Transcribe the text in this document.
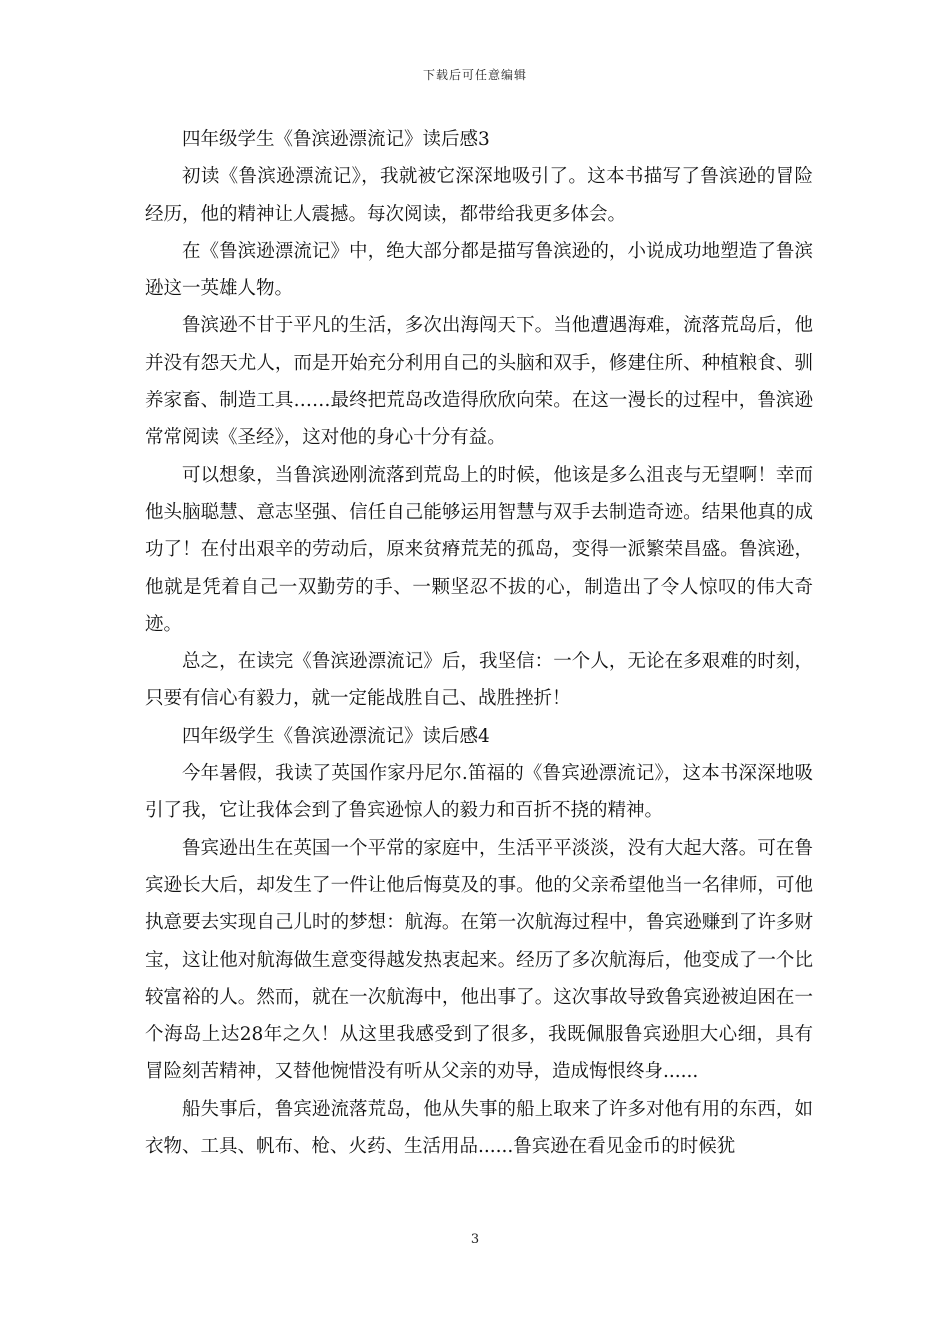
下载后可任意编辑

四年级学生《鲁滨逊漂流记》读后感3

初读《鲁滨逊漂流记》，我就被它深深地吸引了。这本书描写了鲁滨逊的冒险经历，他的精神让人震撼。每次阅读，都带给我更多体会。

在《鲁滨逊漂流记》中，绝大部分都是描写鲁滨逊的，小说成功地塑造了鲁滨逊这一英雄人物。

鲁滨逊不甘于平凡的生活，多次出海闯天下。当他遭遇海难，流落荒岛后，他并没有怨天尤人，而是开始充分利用自己的头脑和双手，修建住所、种植粮食、驯养家畜、制造工具……最终把荒岛改造得欣欣向荣。在这一漫长的过程中，鲁滨逊常常阅读《圣经》，这对他的身心十分有益。

可以想象，当鲁滨逊刚流落到荒岛上的时候，他该是多么沮丧与无望啊！幸而他头脑聪慧、意志坚强、信任自己能够运用智慧与双手去制造奇迹。结果他真的成功了！在付出艰辛的劳动后，原来贫瘠荒芜的孤岛，变得一派繁荣昌盛。鲁滨逊，他就是凭着自己一双勤劳的手、一颗坚忍不拔的心，制造出了令人惊叹的伟大奇迹。

总之，在读完《鲁滨逊漂流记》后，我坚信：一个人，无论在多艰难的时刻，只要有信心有毅力，就一定能战胜自己、战胜挫折！

四年级学生《鲁滨逊漂流记》读后感4

今年暑假，我读了英国作家丹尼尔.笛福的《鲁宾逊漂流记》，这本书深深地吸引了我，它让我体会到了鲁宾逊惊人的毅力和百折不挠的精神。

鲁宾逊出生在英国一个平常的家庭中，生活平平淡淡，没有大起大落。可在鲁宾逊长大后，却发生了一件让他后悔莫及的事。他的父亲希望他当一名律师，可他执意要去实现自己儿时的梦想：航海。在第一次航海过程中，鲁宾逊赚到了许多财宝，这让他对航海做生意变得越发热衷起来。经历了多次航海后，他变成了一个比较富裕的人。然而，就在一次航海中，他出事了。这次事故导致鲁宾逊被迫困在一个海岛上达28年之久！从这里我感受到了很多，我既佩服鲁宾逊胆大心细，具有冒险刻苦精神，又替他惋惜没有听从父亲的劝导，造成悔恨终身......

船失事后，鲁宾逊流落荒岛，他从失事的船上取来了许多对他有用的东西，如衣物、工具、帆布、枪、火药、生活用品......鲁宾逊在看见金币的时候犹

3
